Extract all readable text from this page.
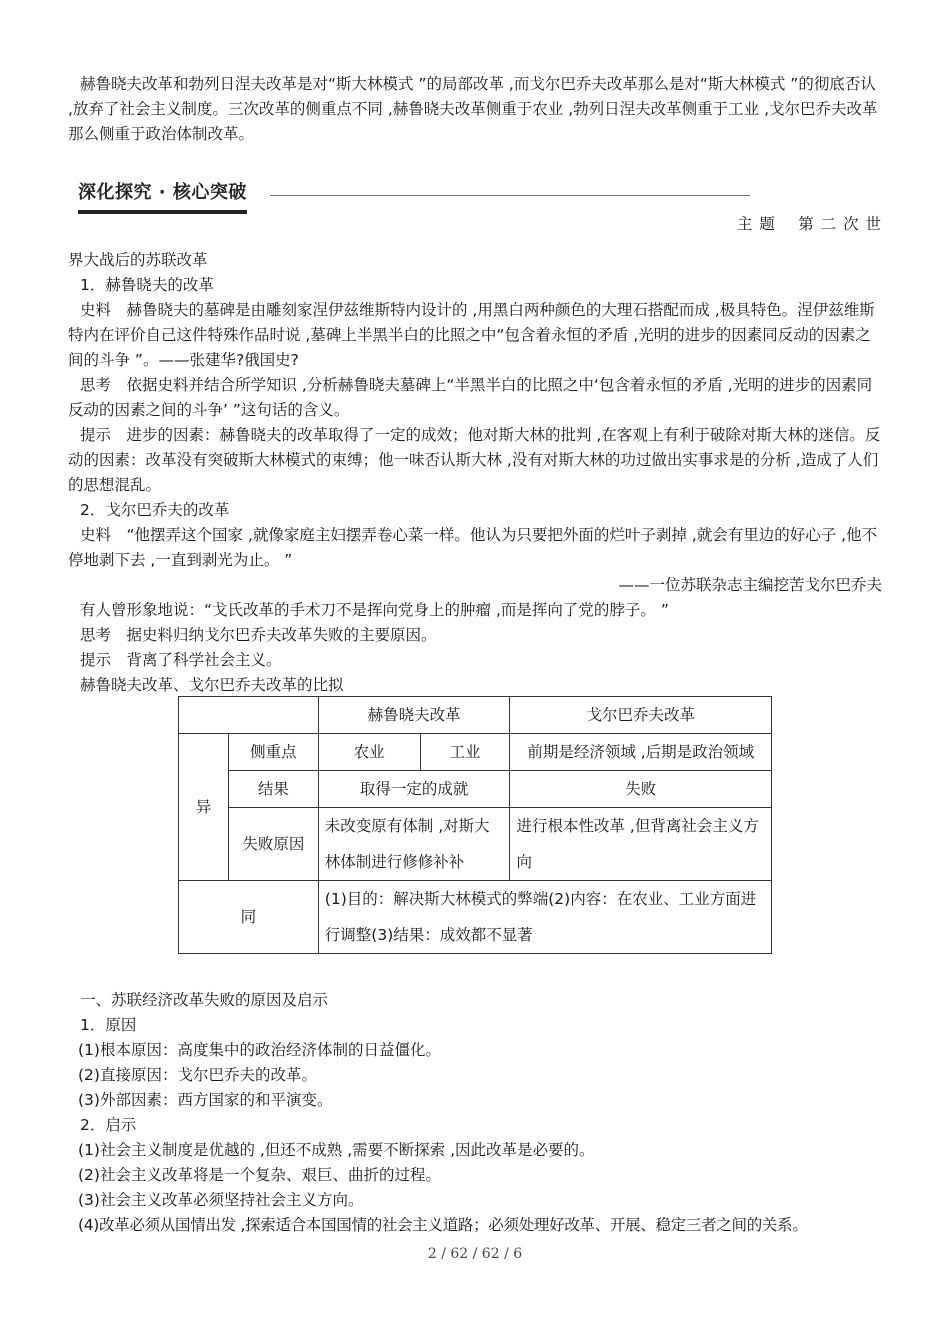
赫鲁晓夫改革和勃列日涅夫改革是对“斯大林模式 ”的局部改革 ,而戈尔巴乔夫改革那么是对“斯大林模式 ”的彻底否认 ,放弃了社会主义制度。三次改革的侧重点不同 ,赫鲁晓夫改革侧重于农业 ,勃列日涅夫改革侧重于工业 ,戈尔巴乔夫改革那么侧重于政治体制改革。

深化探究 · 核心突破

主 题　 第 二 次 世

界大战后的苏联改革

1．赫鲁晓夫的改革

史料　赫鲁晓夫的墓碑是由雕刻家涅伊兹维斯特内设计的 ,用黑白两种颜色的大理石搭配而成 ,极具特色。涅伊兹维斯特内在评价自己这件特殊作品时说 ,墓碑上半黑半白的比照之中“包含着永恒的矛盾 ,光明的进步的因素同反动的因素之间的斗争 ”。——张建华?俄国史?

思考　依据史料并结合所学知识 ,分析赫鲁晓夫墓碑上“半黑半白的比照之中‘包含着永恒的矛盾 ,光明的进步的因素同反动的因素之间的斗争’ ”这句话的含义。

提示　进步的因素：赫鲁晓夫的改革取得了一定的成效；他对斯大林的批判 ,在客观上有利于破除对斯大林的迷信。反动的因素：改革没有突破斯大林模式的束缚；他一味否认斯大林 ,没有对斯大林的功过做出实事求是的分析 ,造成了人们的思想混乱。

2．戈尔巴乔夫的改革

史料　“他摆弄这个国家 ,就像家庭主妇摆弄卷心菜一样。他认为只要把外面的烂叶子剥掉 ,就会有里边的好心子 ,他不停地剥下去 ,一直到剥光为止。 ”

——一位苏联杂志主编挖苦戈尔巴乔夫

有人曾形象地说：“戈氏改革的手术刀不是挥向党身上的肿瘤 ,而是挥向了党的脖子。 ”

思考　据史料归纳戈尔巴乔夫改革失败的主要原因。

提示　背离了科学社会主义。

赫鲁晓夫改革、戈尔巴乔夫改革的比拟

		赫鲁晓夫改革		戈尔巴乔夫改革
异	侧重点	农业	工业	前期是经济领域 ,后期是政治领域
	结果	取得一定的成就		失败
	失败原因	未改变原有体制 ,对斯大林体制进行修修补补		进行根本性改革 ,但背离社会主义方向
同		(1)目的：解决斯大林模式的弊端(2)内容：在农业、工业方面进行调整(3)结果：成效都不显著		

一、苏联经济改革失败的原因及启示

1．原因

(1)根本原因：高度集中的政治经济体制的日益僵化。

(2)直接原因：戈尔巴乔夫的改革。

(3)外部因素：西方国家的和平演变。

2．启示

(1)社会主义制度是优越的 ,但还不成熟 ,需要不断探索 ,因此改革是必要的。

(2)社会主义改革将是一个复杂、艰巨、曲折的过程。

(3)社会主义改革必须坚持社会主义方向。

(4)改革必须从国情出发 ,探索适合本国国情的社会主义道路；必须处理好改革、开展、稳定三者之间的关系。

2 / 62 / 62 / 6
